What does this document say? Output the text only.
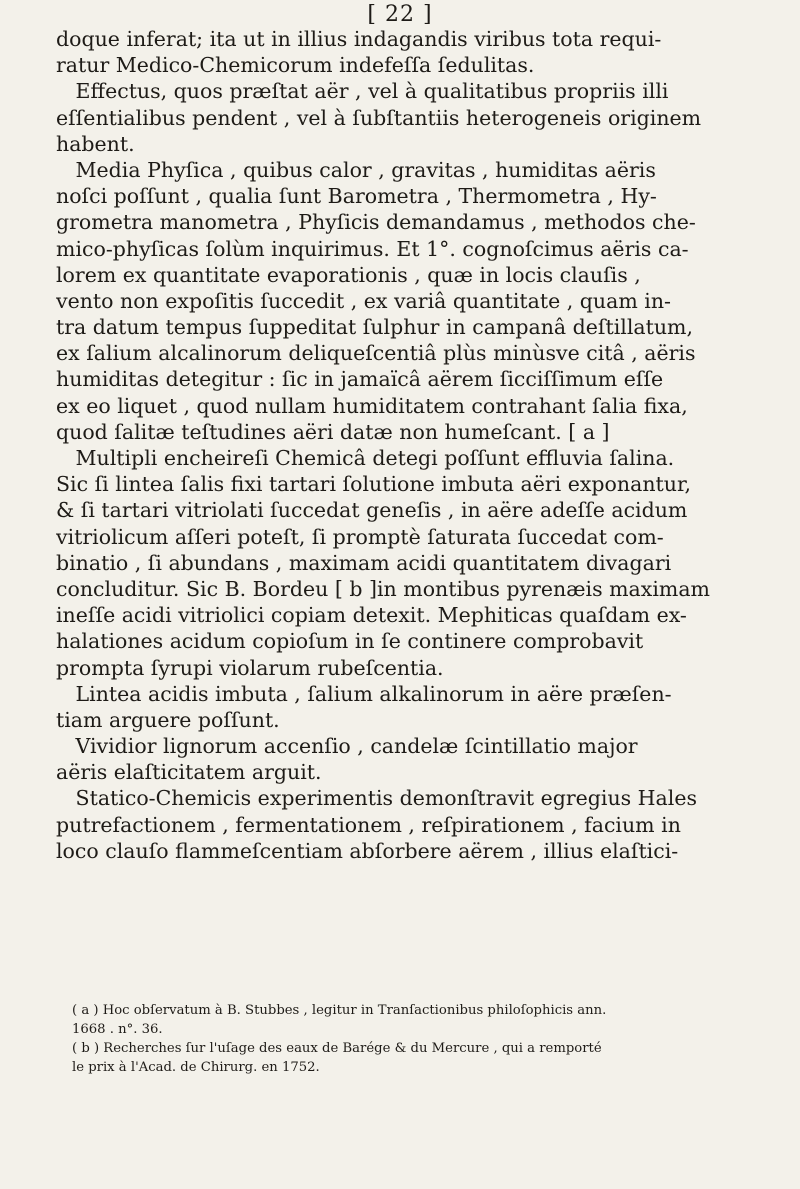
[ 22 ]
doque inferat; ita ut in illius indagandis viribus tota requi-
ratur Medico-Chemicorum indefeſſa ſedulitas.
Effectus, quos præſtat aër , vel à qualitatibus propriis illi
eſſentialibus pendent , vel à ſubſtantiis heterogeneis originem
habent.
Media Phyſica , quibus calor , gravitas , humiditas aëris
noſci poſſunt , qualia ſunt Barometra , Thermometra , Hy-
grometra manometra , Phyſicis demandamus , methodos che-
mico-phyſicas ſolùm inquirimus. Et 1°. cognoſcimus aëris ca-
lorem ex quantitate evaporationis , quæ in locis clauſis ,
vento non expoſitis ſuccedit , ex variâ quantitate , quam in-
tra datum tempus ſuppeditat ſulphur in campanâ deſtillatum,
ex ſalium alcalinorum deliqueſcentiâ plùs minùsve citâ , aëris
humiditas detegitur : ſic in jamaïcâ aërem ſicciſſimum eſſe
ex eo liquet , quod nullam humiditatem contrahant ſalia fixa,
quod ſalitæ teſtudines aëri datæ non humeſcant. [ a ]
Multipli encheireſi Chemicâ detegi poſſunt effluvia ſalina.
Sic ſi lintea ſalis fixi tartari ſolutione imbuta aëri exponantur,
& ſi tartari vitriolati ſuccedat geneſis , in aëre adeſſe acidum
vitriolicum aſſeri poteſt, ſi promptè ſaturata ſuccedat com-
binatio , ſi abundans , maximam acidi quantitatem divagari
concluditur. Sic B. Bordeu [ b ]in montibus pyrenæis maximam
ineſſe acidi vitriolici copiam detexit. Mephiticas quaſdam ex-
halationes acidum copioſum in ſe continere comprobavit
prompta ſyrupi violarum rubeſcentia.
Lintea acidis imbuta , ſalium alkalinorum in aëre præſen-
tiam arguere poſſunt.
Vividior lignorum accenſio , candelæ ſcintillatio major
aëris elaſticitatem arguit.
Statico-Chemicis experimentis demonſtravit egregius Hales
putrefactionem , fermentationem , reſpirationem , facium in
loco clauſo flammeſcentiam abſorbere aërem , illius elaſtici-
( a ) Hoc obſervatum à B. Stubbes , legitur in Tranſactionibus philoſophicis ann.
1668 . n°. 36.
( b ) Recherches ſur l'uſage des eaux de Barége & du Mercure , qui a remporté
le prix à l'Acad. de Chirurg. en 1752.
